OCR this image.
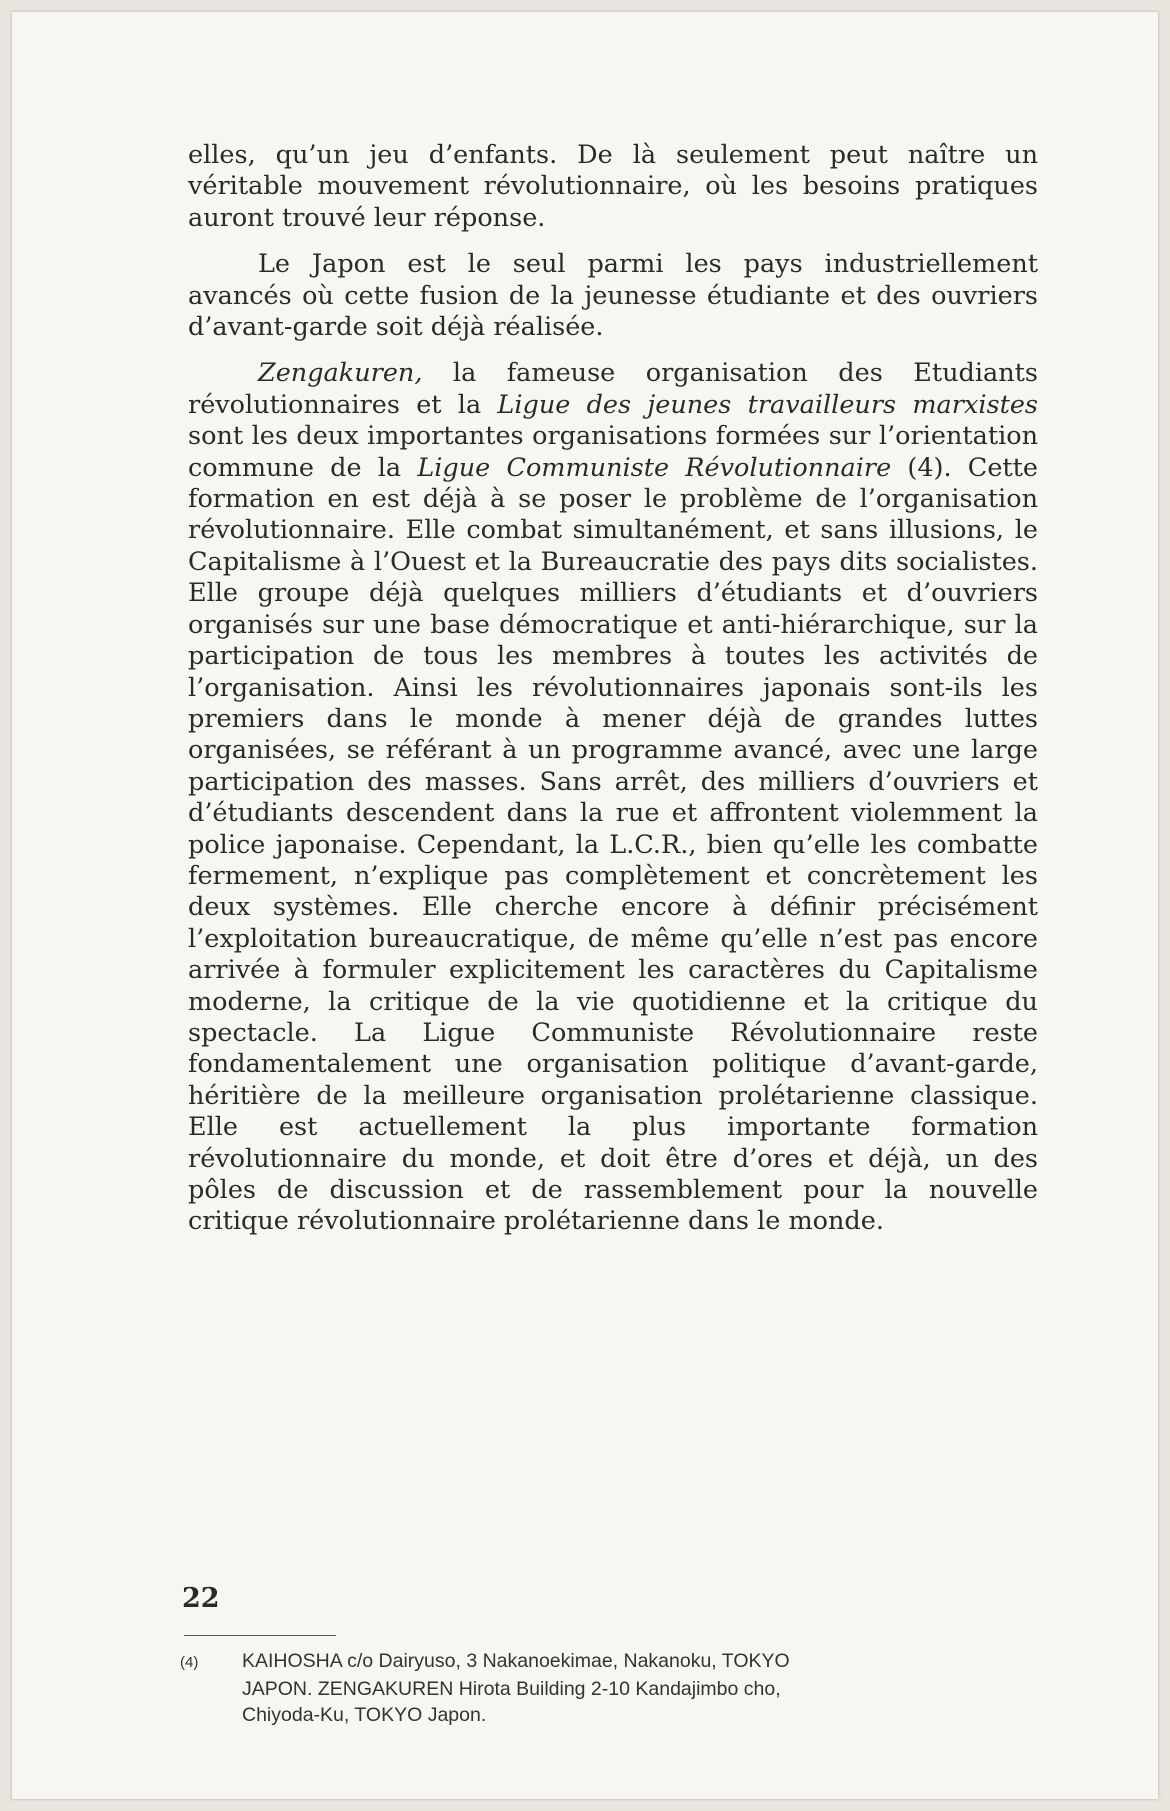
elles, qu’un jeu d’enfants. De là seulement peut naître un véritable mouvement révolutionnaire, où les besoins pratiques auront trouvé leur réponse.

Le Japon est le seul parmi les pays industriellement avancés où cette fusion de la jeunesse étudiante et des ouvriers d’avant-garde soit déjà réalisée.

Zengakuren, la fameuse organisation des Etudiants révolutionnaires et la Ligue des jeunes travailleurs marxistes sont les deux importantes organisations formées sur l’orientation commune de la Ligue Communiste Révolutionnaire (4). Cette formation en est déjà à se poser le problème de l’organisation révolutionnaire. Elle combat simultanément, et sans illusions, le Capitalisme à l’Ouest et la Bureaucratie des pays dits socialistes. Elle groupe déjà quelques milliers d’étudiants et d’ouvriers organisés sur une base démocratique et anti-hiérarchique, sur la participation de tous les membres à toutes les activités de l’organisation. Ainsi les révolutionnaires japonais sont-ils les premiers dans le monde à mener déjà de grandes luttes organisées, se référant à un programme avancé, avec une large participation des masses. Sans arrêt, des milliers d’ouvriers et d’étudiants descendent dans la rue et affrontent violemment la police japonaise. Cependant, la L.C.R., bien qu’elle les combatte fermement, n’explique pas complètement et concrètement les deux systèmes. Elle cherche encore à définir précisément l’exploitation bureaucratique, de même qu’elle n’est pas encore arrivée à formuler explicitement les caractères du Capitalisme moderne, la critique de la vie quotidienne et la critique du spectacle. La Ligue Communiste Révolutionnaire reste fondamentalement une organisation politique d’avant-garde, héritière de la meilleure organisation prolétarienne classique. Elle est actuellement la plus importante formation révolutionnaire du monde, et doit être d’ores et déjà, un des pôles de discussion et de rassemblement pour la nouvelle critique révolutionnaire prolétarienne dans le monde.

22
(4) KAIHOSHA c/o Dairyuso, 3 Nakanoekimae, Nakanoku, TOKYO
JAPON. ZENGAKUREN Hirota Building 2-10 Kandajimbo cho,
Chiyoda-Ku, TOKYO Japon.
